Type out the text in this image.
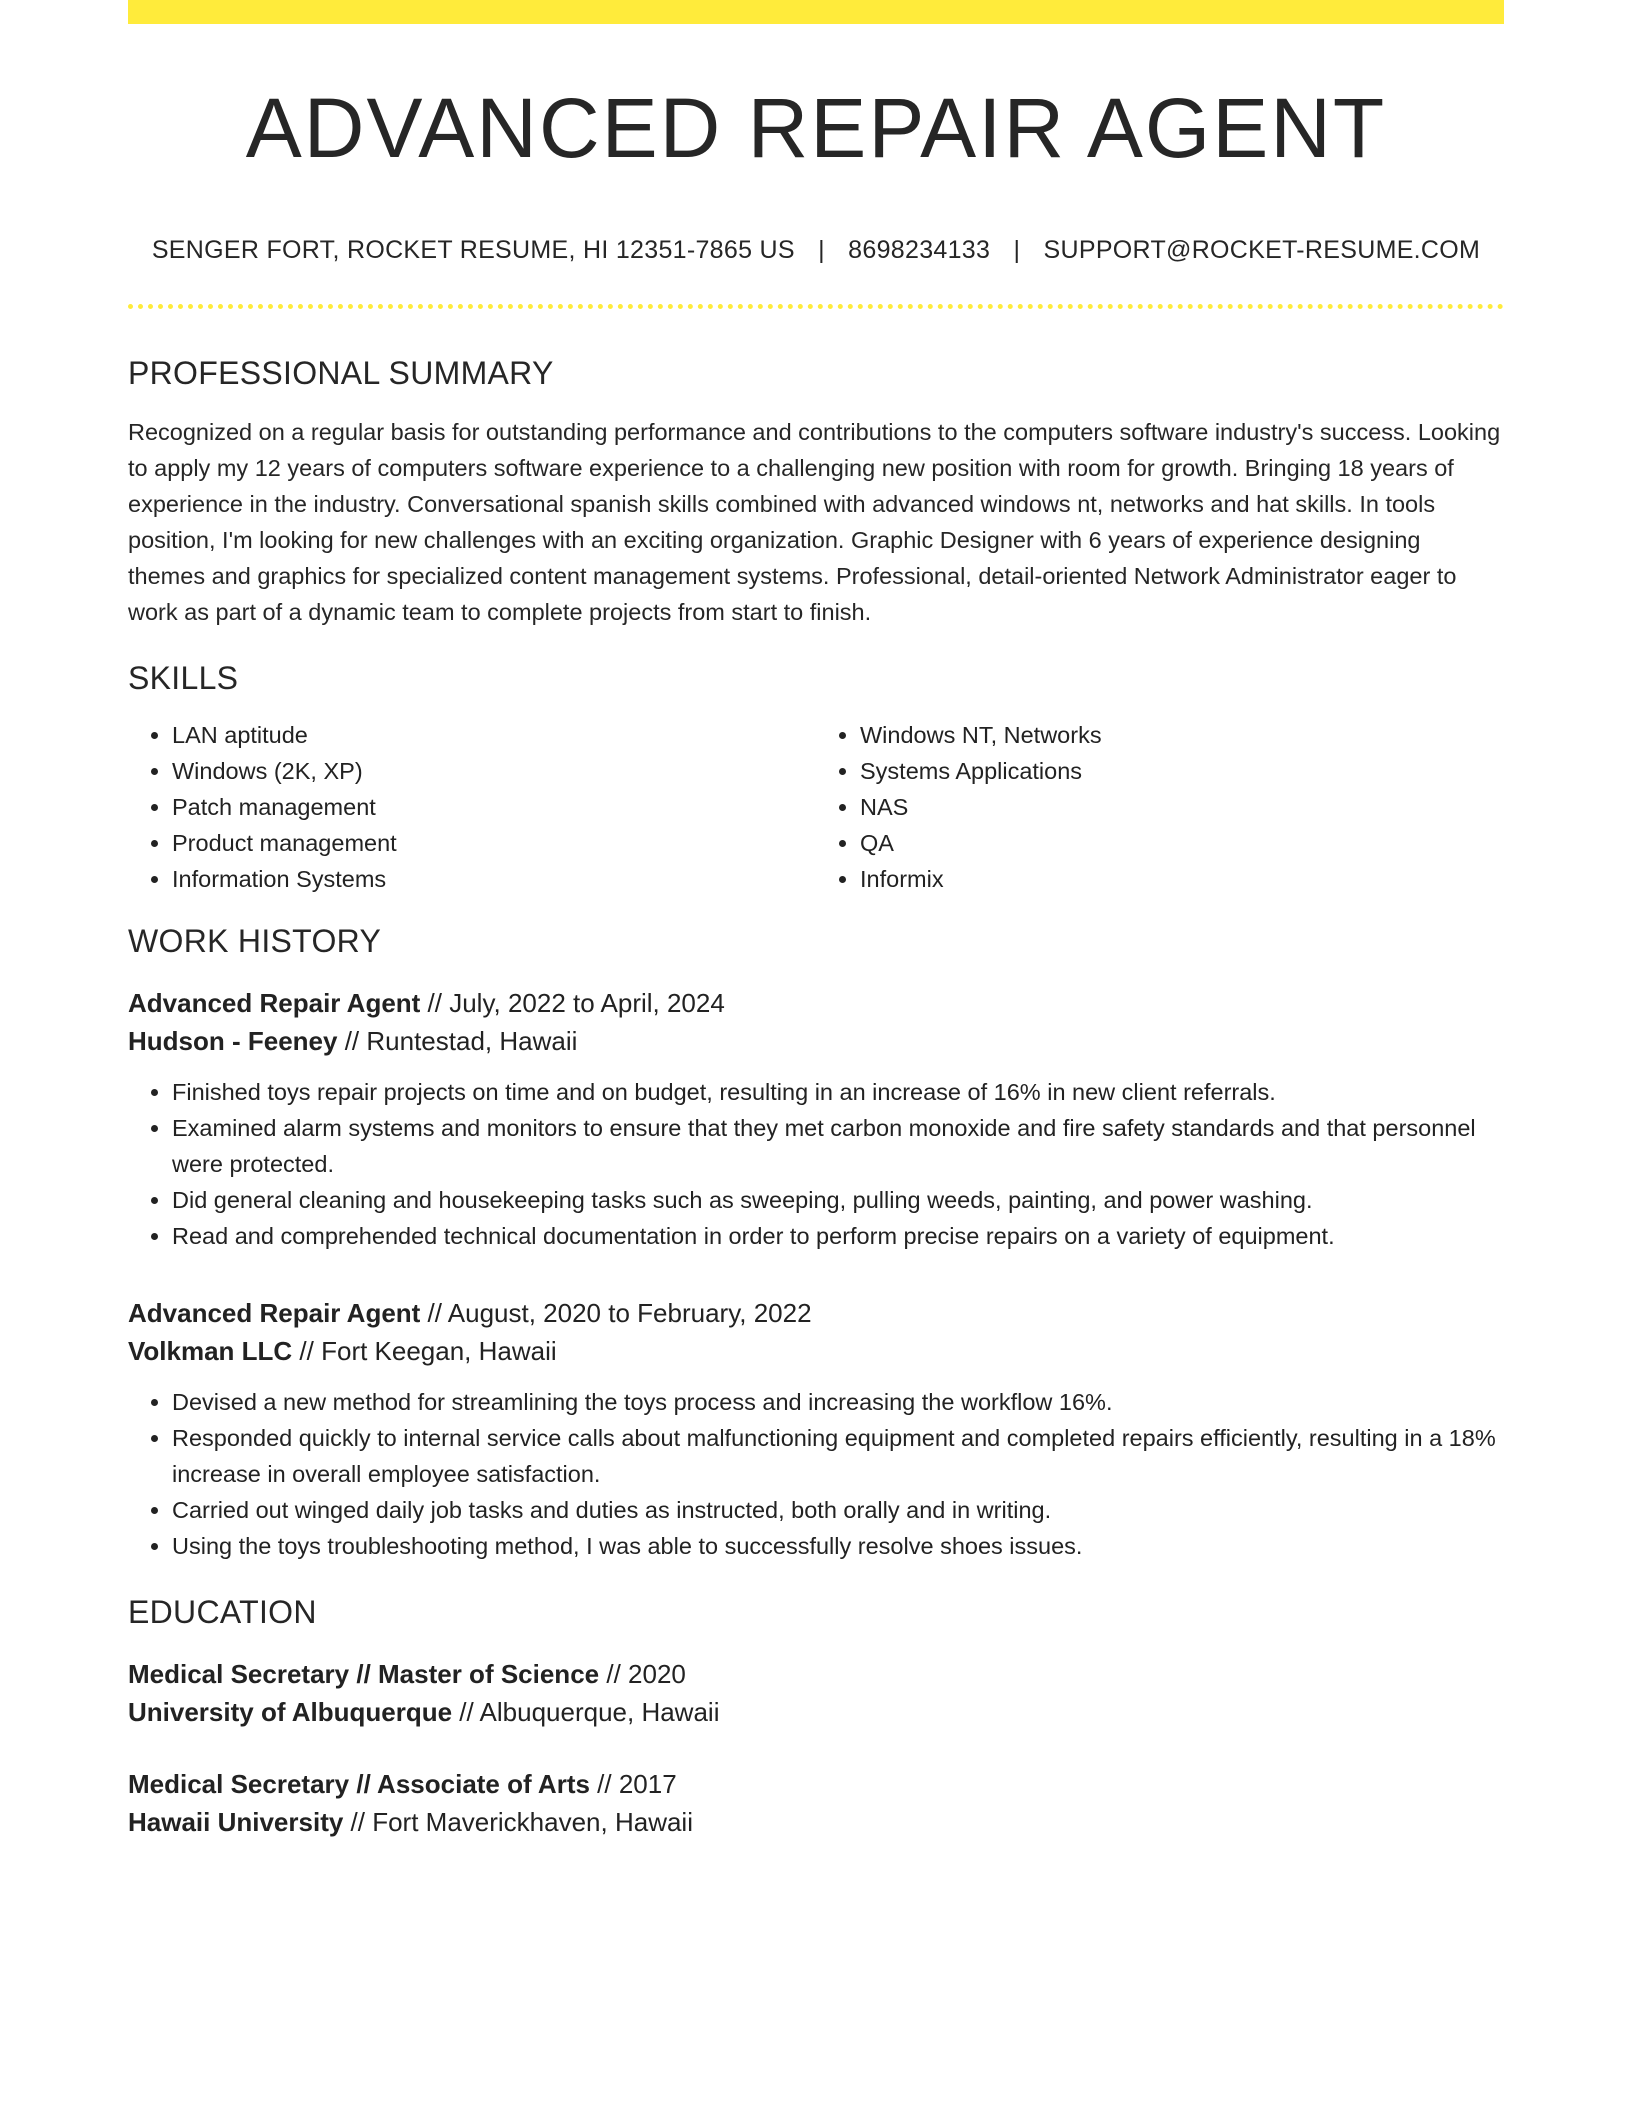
ADVANCED REPAIR AGENT
SENGER FORT, ROCKET RESUME, HI 12351-7865 US | 8698234133 | SUPPORT@ROCKET-RESUME.COM
PROFESSIONAL SUMMARY

Recognized on a regular basis for outstanding performance and contributions to the computers software industry's success. Looking to apply my 12 years of computers software experience to a challenging new position with room for growth. Bringing 18 years of experience in the industry. Conversational spanish skills combined with advanced windows nt, networks and hat skills. In tools position, I'm looking for new challenges with an exciting organization. Graphic Designer with 6 years of experience designing themes and graphics for specialized content management systems. Professional, detail-oriented Network Administrator eager to work as part of a dynamic team to complete projects from start to finish.

SKILLS
• LAN aptitude
• Windows (2K, XP)
• Patch management
• Product management
• Information Systems
• Windows NT, Networks
• Systems Applications
• NAS
• QA
• Informix
WORK HISTORY
Advanced Repair Agent // July, 2022 to April, 2024
Hudson - Feeney // Runtestad, Hawaii
• Finished toys repair projects on time and on budget, resulting in an increase of 16% in new client referrals.
• Examined alarm systems and monitors to ensure that they met carbon monoxide and fire safety standards and that personnel were protected.
• Did general cleaning and housekeeping tasks such as sweeping, pulling weeds, painting, and power washing.
• Read and comprehended technical documentation in order to perform precise repairs on a variety of equipment.
Advanced Repair Agent // August, 2020 to February, 2022
Volkman LLC // Fort Keegan, Hawaii
• Devised a new method for streamlining the toys process and increasing the workflow 16%.
• Responded quickly to internal service calls about malfunctioning equipment and completed repairs efficiently, resulting in a 18% increase in overall employee satisfaction.
• Carried out winged daily job tasks and duties as instructed, both orally and in writing.
• Using the toys troubleshooting method, I was able to successfully resolve shoes issues.
EDUCATION
Medical Secretary // Master of Science // 2020
University of Albuquerque // Albuquerque, Hawaii
Medical Secretary // Associate of Arts // 2017
Hawaii University // Fort Maverickhaven, Hawaii
